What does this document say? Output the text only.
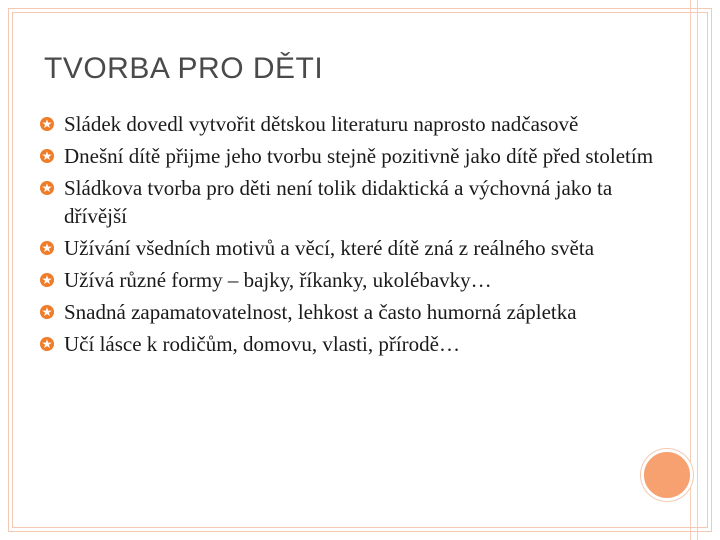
TVORBA PRO DĚTI
Sládek dovedl vytvořit dětskou literaturu naprosto nadčasově
Dnešní dítě přijme jeho tvorbu stejně pozitivně jako dítě před stoletím
Sládkova tvorba pro děti není tolik didaktická a výchovná jako ta dřívější
Užívání všedních motivů a věcí, které dítě zná z reálného světa
Užívá různé formy – bajky, říkanky, ukolébavky…
Snadná zapamatovatelnost, lehkost a často humorná zápletka
Učí lásce k rodičům, domovu, vlasti, přírodě…
